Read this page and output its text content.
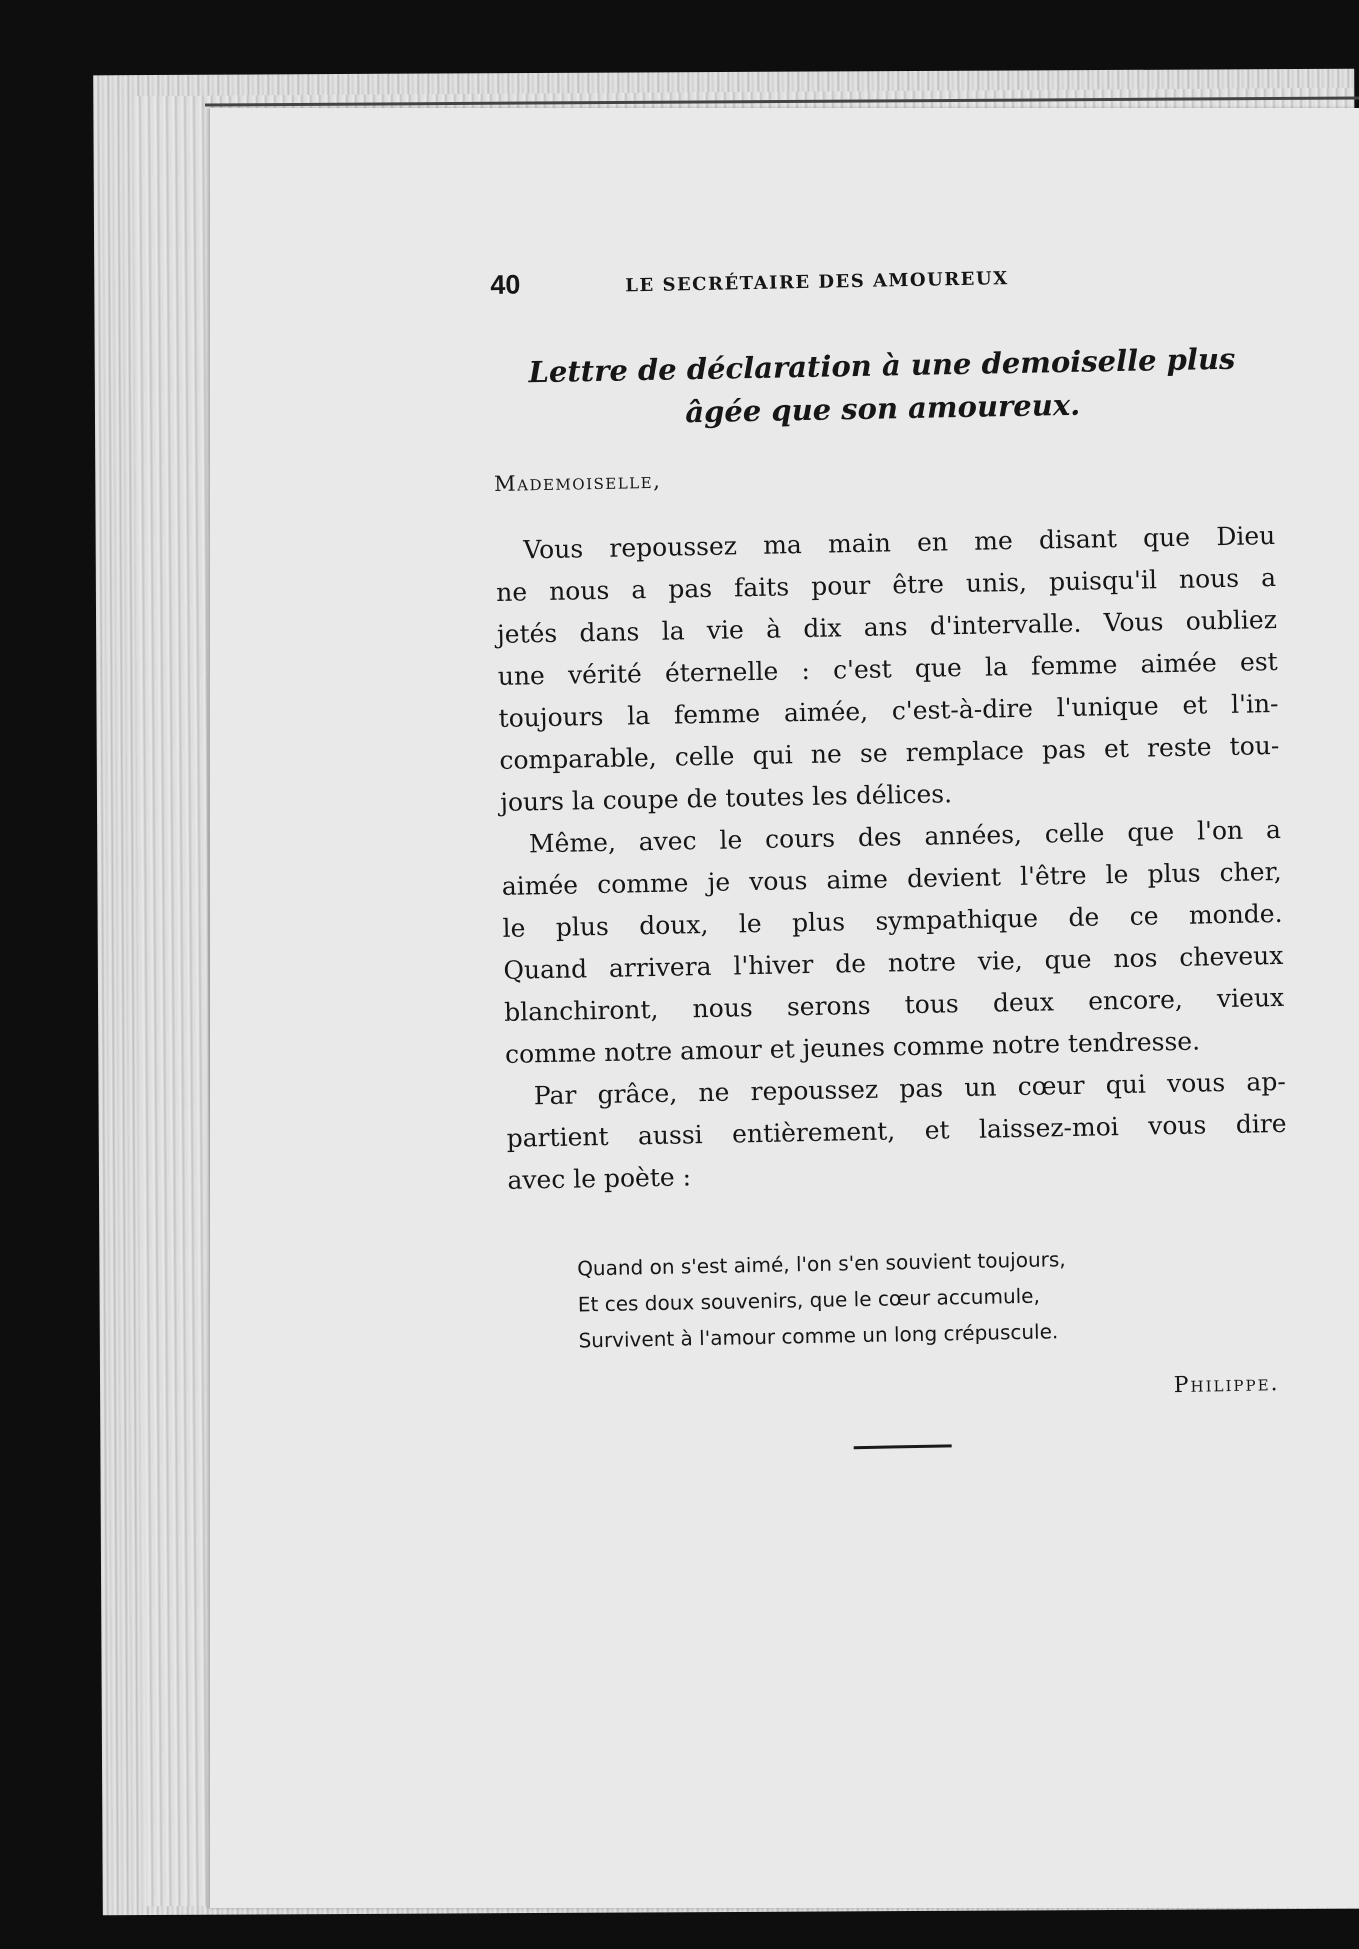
40	LE SECRÉTAIRE DES AMOUREUX
Lettre de déclaration à une demoiselle plus
âgée que son amoureux.
Mademoiselle,

Vous repoussez ma main en me disant que Dieu
ne nous a pas faits pour être unis, puisqu'il nous a
jetés dans la vie à dix ans d'intervalle. Vous oubliez
une vérité éternelle : c'est que la femme aimée est
toujours la femme aimée, c'est-à-dire l'unique et l'in-
comparable, celle qui ne se remplace pas et reste tou-
jours la coupe de toutes les délices.

Même, avec le cours des années, celle que l'on a
aimée comme je vous aime devient l'être le plus cher,
le plus doux, le plus sympathique de ce monde.
Quand arrivera l'hiver de notre vie, que nos cheveux
blanchiront, nous serons tous deux encore, vieux
comme notre amour et jeunes comme notre tendresse.

Par grâce, ne repoussez pas un cœur qui vous ap-
partient aussi entièrement, et laissez-moi vous dire
avec le poète :

Quand on s'est aimé, l'on s'en souvient toujours,
Et ces doux souvenirs, que le cœur accumule,
Survivent à l'amour comme un long crépuscule.
Philippe.
